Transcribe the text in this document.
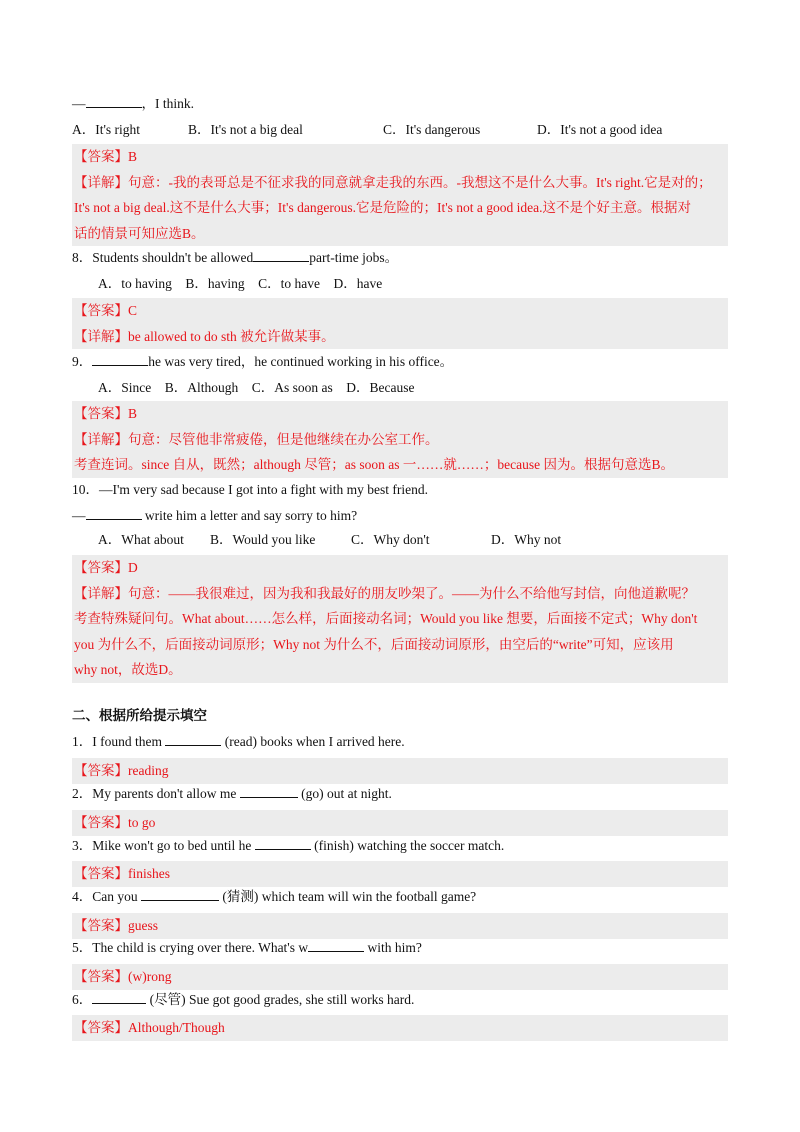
—	，I think.
A．It's right	B．It's not a big deal	C．It's dangerous	D．It's not a good idea
【答案】B
【详解】句意：-我的表哥总是不征求我的同意就拿走我的东西。-我想这不是什么大事。It's right.它是对的；
It's not a big deal.这不是什么大事；It's dangerous.它是危险的；It's not a good idea.这不是个好主意。根据对
话的情景可知应选B。
8．Students shouldn't be allowed	part-time jobs。
A．to having　B．having　C．to have　D．have
【答案】C
【详解】be allowed to do sth 被允许做某事。
9．	he was very tired，he continued working in his office。
A．Since　B．Although　C．As soon as　D．Because
【答案】B
【详解】句意：尽管他非常疲倦，但是他继续在办公室工作。
考查连词。since 自从，既然；although 尽管；as soon as 一……就……；because 因为。根据句意选B。
10．—I'm very sad because I got into a fight with my best friend.
—	write him a letter and say sorry to him?
A．What about B．Would you like	C．Why don't	D．Why not
【答案】D
【详解】句意：——我很难过，因为我和我最好的朋友吵架了。——为什么不给他写封信，向他道歉呢？
考查特殊疑问句。What about……怎么样，后面接动名词；Would you like 想要，后面接不定式；Why don't
you 为什么不，后面接动词原形；Why not 为什么不，后面接动词原形，由空后的“write”可知，应该用
why not，故选D。
二、根据所给提示填空
1．I found them	(read) books when I arrived here.
【答案】reading
2．My parents don't allow me	(go) out at night.
【答案】to go
3．Mike won't go to bed until he	(finish) watching the soccer match.
【答案】finishes
4．Can you	(猜测) which team will win the football game?
【答案】guess
5．The child is crying over there. What's w	with him?
【答案】(w)rong
6．	(尽管) Sue got good grades, she still works hard.
【答案】Although/Though
